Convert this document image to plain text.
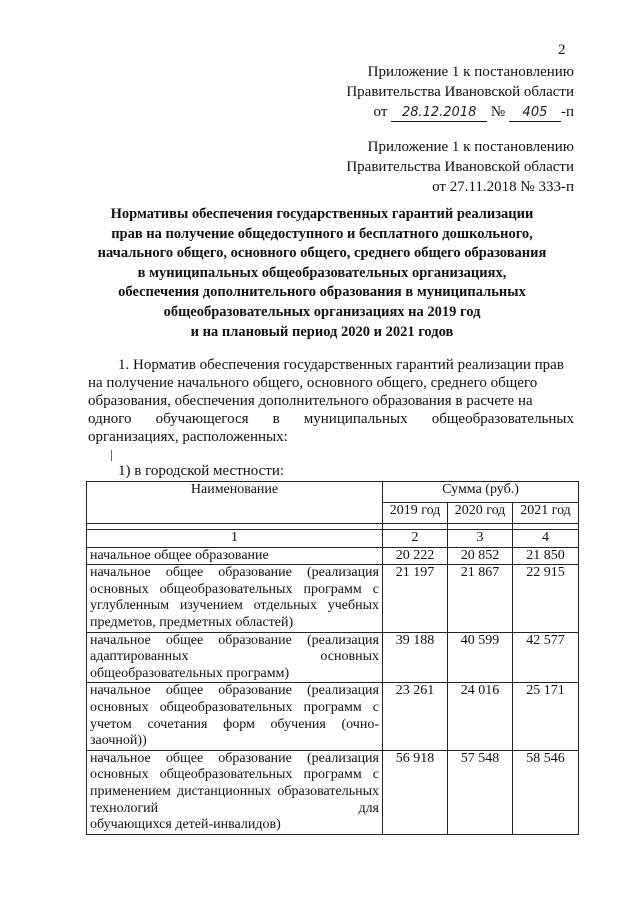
2
Приложение 1 к постановлению
Правительства Ивановской области
от 28.12.2018 № 405 -п
Приложение 1 к постановлению
Правительства Ивановской области
от 27.11.2018 № 333-п
Нормативы обеспечения государственных гарантий реализации
прав на получение общедоступного и бесплатного дошкольного,
начального общего, основного общего, среднего общего образования
в муниципальных общеобразовательных организациях,
обеспечения дополнительного образования в муниципальных
общеобразовательных организациях на 2019 год
и на плановый период 2020 и 2021 годов
1. Норматив обеспечения государственных гарантий реализации прав
на получение начального общего, основного общего, среднего общего
образования, обеспечения дополнительного образования в расчете на
одного обучающегося в муниципальных общеобразовательных
организациях, расположенных:
1) в городской местности:
Наименование	Сумма (руб.)		
	2019 год	2020 год	2021 год

1	2	3	4

начальное общее образование	20 222	20 852	21 850

начальное общее образование (реализация основных общеобразовательных программ с углубленным изучением отдельных учебных предметов, предметных областей)	21 197	21 867	22 915

начальное общее образование (реализация адаптированных основных
общеобразовательных программ)	39 188	40 599	42 577

начальное общее образование (реализация основных общеобразовательных программ с учетом сочетания форм обучения (очно-
заочной))	23 261	24 016	25 171

начальное общее образование (реализация основных общеобразовательных программ с применением дистанционных образовательных технологий для
обучающихся детей-инвалидов)	56 918	57 548	58 546
